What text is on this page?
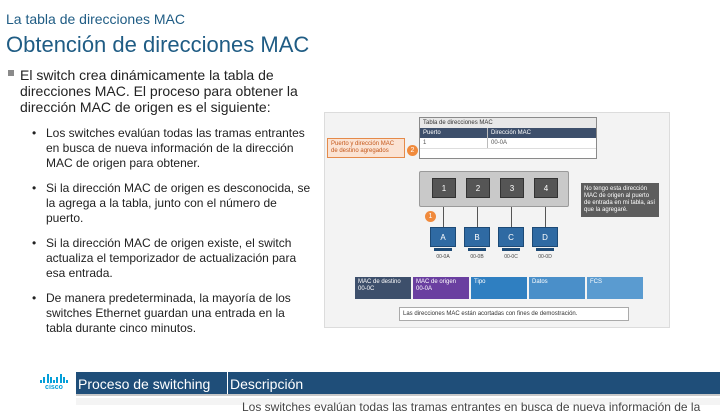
La tabla de direcciones MAC
Obtención de direcciones MAC
El switch crea dinámicamente la tabla de direcciones MAC. El proceso para obtener la dirección MAC de origen es el siguiente:
• Los switches evalúan todas las tramas entrantes en busca de nueva información de la dirección MAC de origen para obtener.
• Si la dirección MAC de origen es desconocida, se la agrega a la tabla, junto con el número de puerto.
• Si la dirección MAC de origen existe, el switch actualiza el temporizador de actualización para esa entrada.
• De manera predeterminada, la mayoría de los switches Ethernet guardan una entrada en la tabla durante cinco minutos.
Tabla de direcciones MAC
Puerto	Dirección MAC
1	00-0A
Puerto y dirección MAC de destino agregados	2
1	2	3	4	No tengo esta dirección MAC de origen al puerto de entrada en mi tabla, así que la agregaré.
1
A	B	C	D
00-0A	00-0B	00-0C	00-0D
MAC de destino 00-0C
MAC de origen 00-0A
Tipo	Datos	FCS
Las direcciones MAC están acortadas con fines de demostración.
cisco	Proceso de switching	Descripción
Los switches evalúan todas las tramas entrantes en busca de nueva información de la
